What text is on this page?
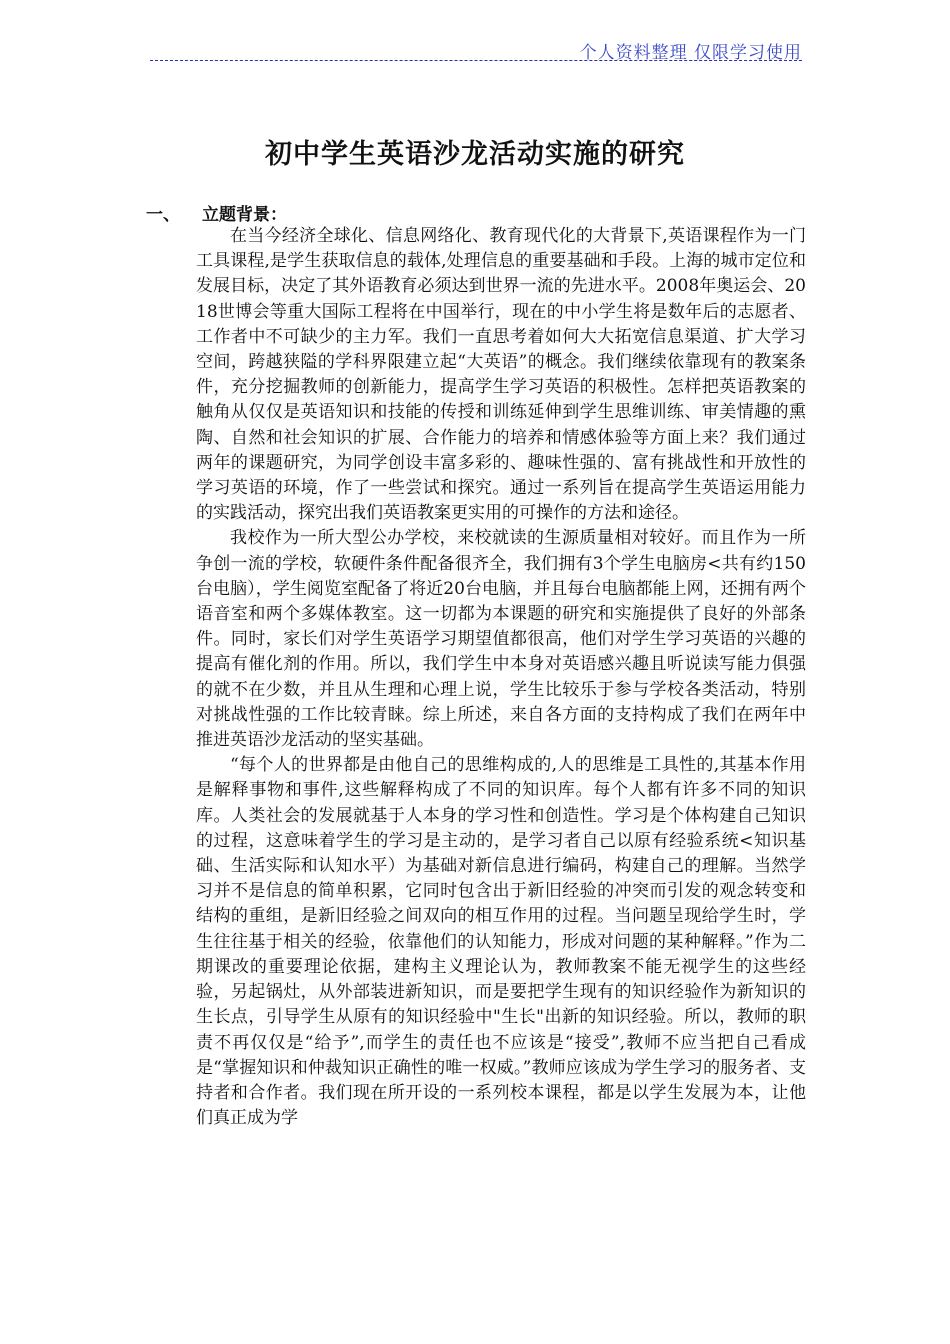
个人资料整理 仅限学习使用
初中学生英语沙龙活动实施的研究
一、 立题背景：

在当今经济全球化、信息网络化、教育现代化的大背景下,英语课程作为一门工具课程,是学生获取信息的载体,处理信息的重要基础和手段。上海的城市定位和发展目标，决定了其外语教育必须达到世界一流的先进水平。2008年奥运会、2018世博会等重大国际工程将在中国举行，现在的中小学生将是数年后的志愿者、工作者中不可缺少的主力军。我们一直思考着如何大大拓宽信息渠道、扩大学习空间，跨越狭隘的学科界限建立起“大英语”的概念。我们继续依靠现有的教案条件，充分挖掘教师的创新能力，提高学生学习英语的积极性。怎样把英语教案的触角从仅仅是英语知识和技能的传授和训练延伸到学生思维训练、审美情趣的熏陶、自然和社会知识的扩展、合作能力的培养和情感体验等方面上来？我们通过两年的课题研究，为同学创设丰富多彩的、趣味性强的、富有挑战性和开放性的学习英语的环境，作了一些尝试和探究。通过一系列旨在提高学生英语运用能力的实践活动，探究出我们英语教案更实用的可操作的方法和途径。

我校作为一所大型公办学校，来校就读的生源质量相对较好。而且作为一所争创一流的学校，软硬件条件配备很齐全，我们拥有3个学生电脑房<共有约150台电脑），学生阅览室配备了将近20台电脑，并且每台电脑都能上网，还拥有两个语音室和两个多媒体教室。这一切都为本课题的研究和实施提供了良好的外部条件。同时，家长们对学生英语学习期望值都很高，他们对学生学习英语的兴趣的提高有催化剂的作用。所以，我们学生中本身对英语感兴趣且听说读写能力俱强的就不在少数，并且从生理和心理上说，学生比较乐于参与学校各类活动，特别对挑战性强的工作比较青睐。综上所述，来自各方面的支持构成了我们在两年中推进英语沙龙活动的坚实基础。

“每个人的世界都是由他自己的思维构成的,人的思维是工具性的,其基本作用是解释事物和事件,这些解释构成了不同的知识库。每个人都有许多不同的知识库。人类社会的发展就基于人本身的学习性和创造性。学习是个体构建自己知识的过程，这意味着学生的学习是主动的，是学习者自己以原有经验系统<知识基础、生活实际和认知水平）为基础对新信息进行编码，构建自己的理解。当然学习并不是信息的简单积累，它同时包含出于新旧经验的冲突而引发的观念转变和结构的重组，是新旧经验之间双向的相互作用的过程。当问题呈现给学生时，学生往往基于相关的经验，依靠他们的认知能力，形成对问题的某种解释。”作为二期课改的重要理论依据，建构主义理论认为，教师教案不能无视学生的这些经验，另起锅灶，从外部装进新知识，而是要把学生现有的知识经验作为新知识的生长点，引导学生从原有的知识经验中"生长"出新的知识经验。所以，教师的职责不再仅仅是“给予”,而学生的责任也不应该是“接受”,教师不应当把自己看成是“掌握知识和仲裁知识正确性的唯一权威。”教师应该成为学生学习的服务者、支持者和合作者。我们现在所开设的一系列校本课程，都是以学生发展为本，让他们真正成为学
